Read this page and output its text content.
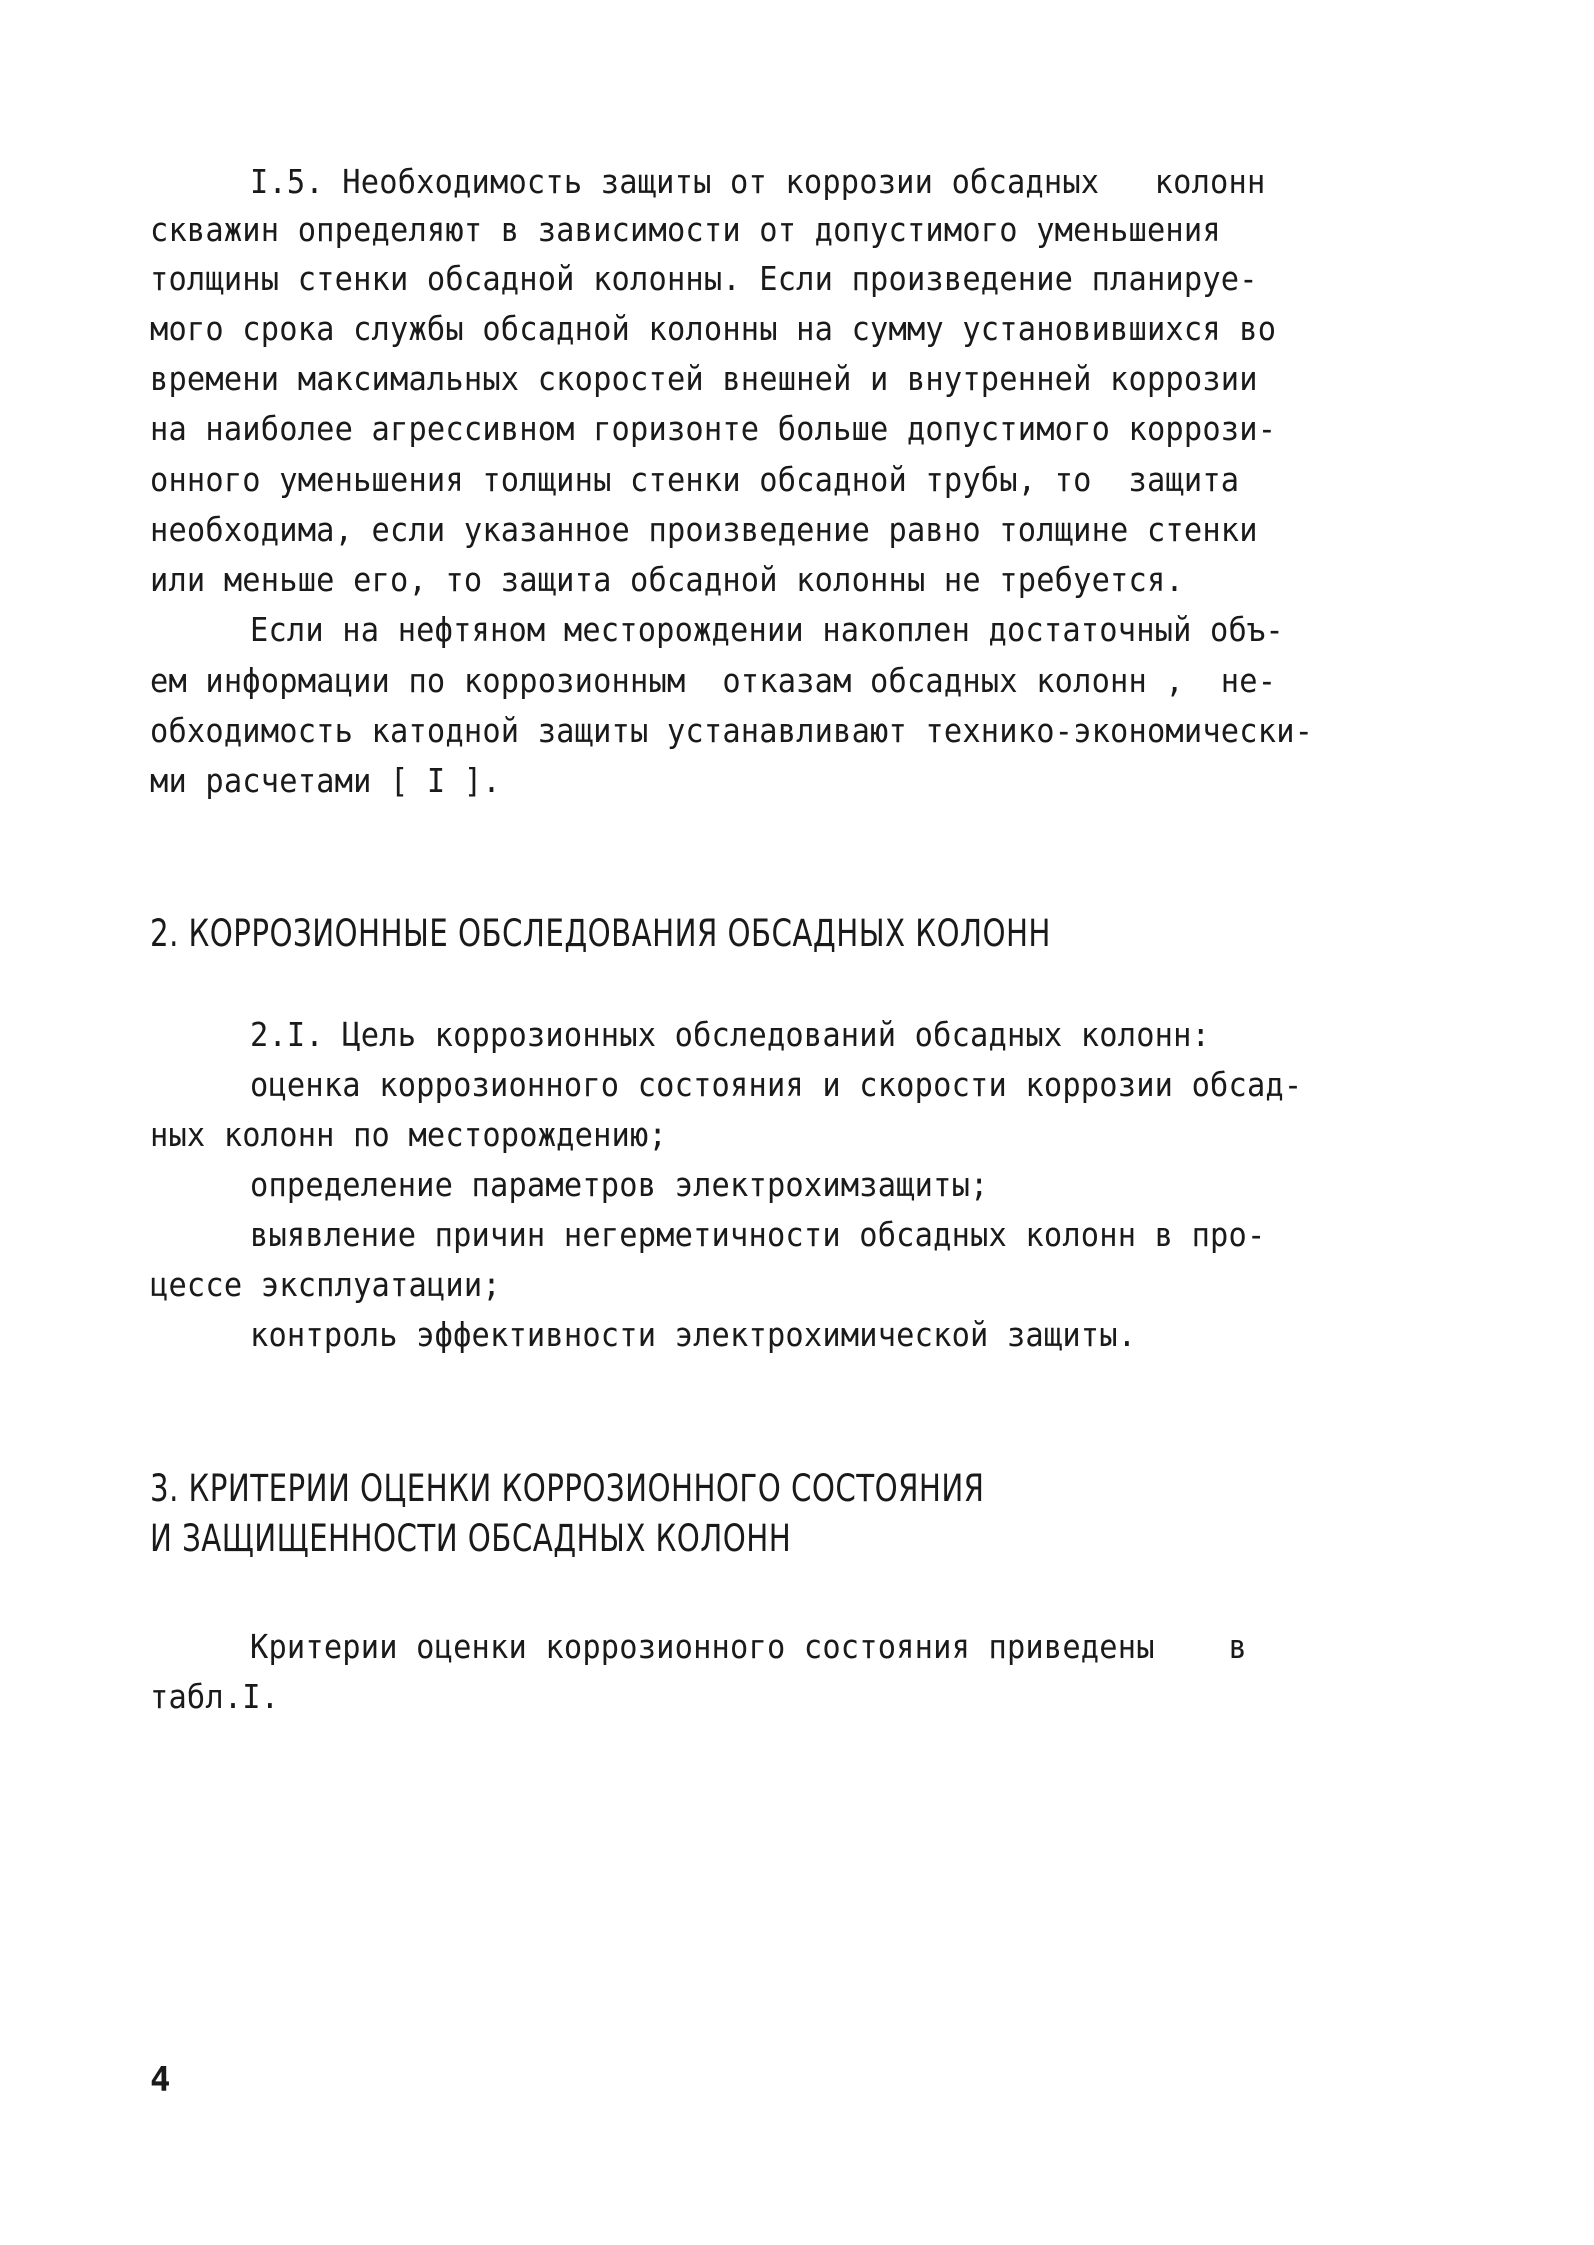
I.5. Необходимость защиты от коррозии обсадных   колонн
скважин определяют в зависимости от допустимого уменьшения
толщины стенки обсадной колонны. Если произведение планируе-
мого срока службы обсадной колонны на сумму установившихся во
времени максимальных скоростей внешней и внутренней коррозии
на наиболее агрессивном горизонте больше допустимого коррози-
онного уменьшения толщины стенки обсадной трубы, то  защита
необходима, если указанное произведение равно толщине стенки
или меньше его, то защита обсадной колонны не требуется.
Если на нефтяном месторождении накоплен достаточный объ-
ем информации по коррозионным  отказам обсадных колонн ,  не-
обходимость катодной защиты устанавливают технико-экономически-
ми расчетами [ I ].
2. КОРРОЗИОННЫЕ ОБСЛЕДОВАНИЯ ОБСАДНЫХ КОЛОНН
2.I. Цель коррозионных обследований обсадных колонн:
оценка коррозионного состояния и скорости коррозии обсад-
ных колонн по месторождению;
определение параметров электрохимзащиты;
выявление причин негерметичности обсадных колонн в про-
цессе эксплуатации;
контроль эффективности электрохимической защиты.
3. КРИТЕРИИ ОЦЕНКИ КОРРОЗИОННОГО СОСТОЯНИЯ
И ЗАЩИЩЕННОСТИ ОБСАДНЫХ КОЛОНН
Критерии оценки коррозионного состояния приведены    в
табл.I.
4
